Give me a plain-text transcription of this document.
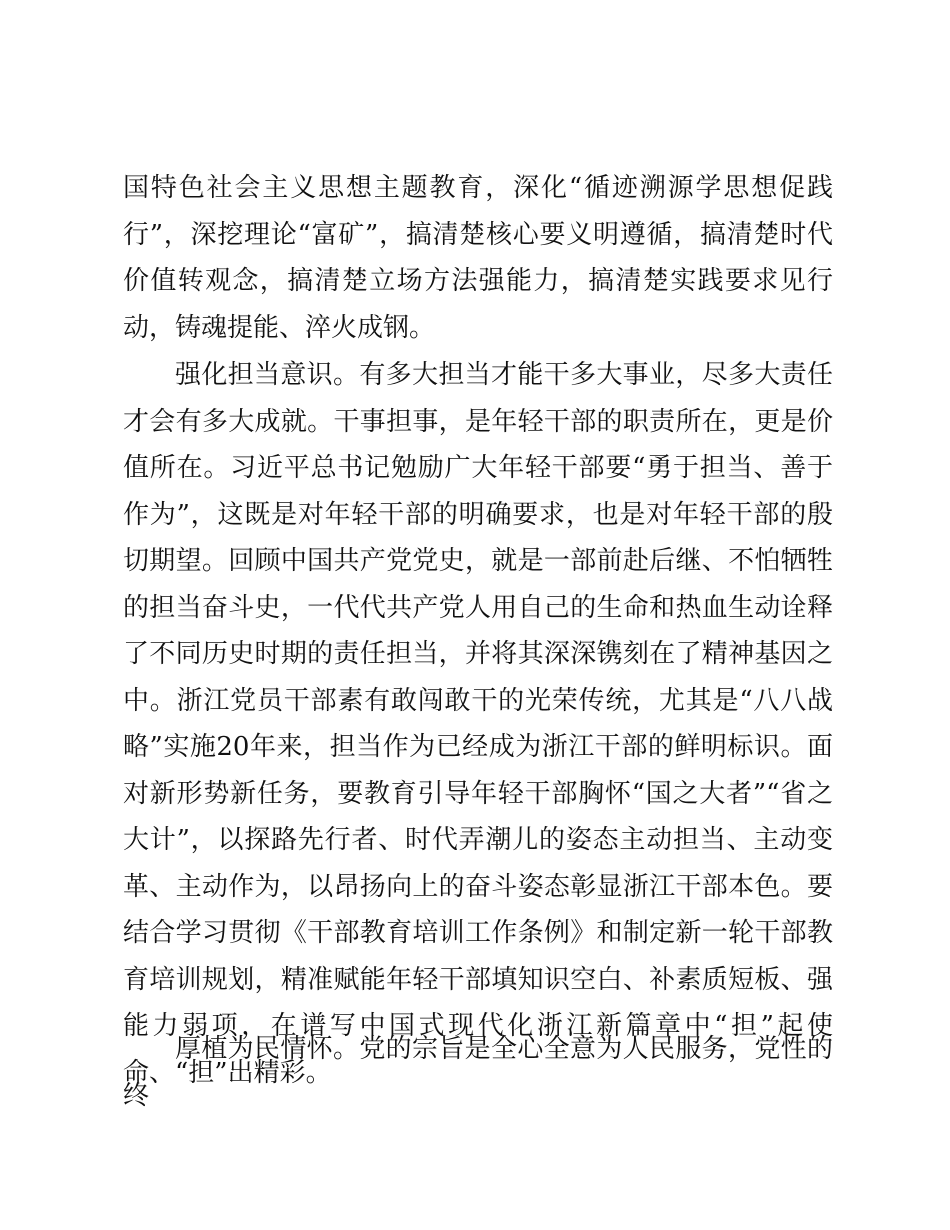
国特色社会主义思想主题教育，深化“循迹溯源学思想促践行”，深挖理论“富矿”，搞清楚核心要义明遵循，搞清楚时代价值转观念，搞清楚立场方法强能力，搞清楚实践要求见行动，铸魂提能、淬火成钢。

强化担当意识。有多大担当才能干多大事业，尽多大责任才会有多大成就。干事担事，是年轻干部的职责所在，更是价值所在。习近平总书记勉励广大年轻干部要“勇于担当、善于作为”，这既是对年轻干部的明确要求，也是对年轻干部的殷切期望。回顾中国共产党党史，就是一部前赴后继、不怕牺牲的担当奋斗史，一代代共产党人用自己的生命和热血生动诠释了不同历史时期的责任担当，并将其深深镌刻在了精神基因之中。浙江党员干部素有敢闯敢干的光荣传统，尤其是“八八战略”实施20年来，担当作为已经成为浙江干部的鲜明标识。面对新形势新任务，要教育引导年轻干部胸怀“国之大者”“省之大计”，以探路先行者、时代弄潮儿的姿态主动担当、主动变革、主动作为，以昂扬向上的奋斗姿态彰显浙江干部本色。要结合学习贯彻《干部教育培训工作条例》和制定新一轮干部教育培训规划，精准赋能年轻干部填知识空白、补素质短板、强能力弱项，在谱写中国式现代化浙江新篇章中“担”起使命、“担”出精彩。

厚植为民情怀。党的宗旨是全心全意为人民服务，党性的终
